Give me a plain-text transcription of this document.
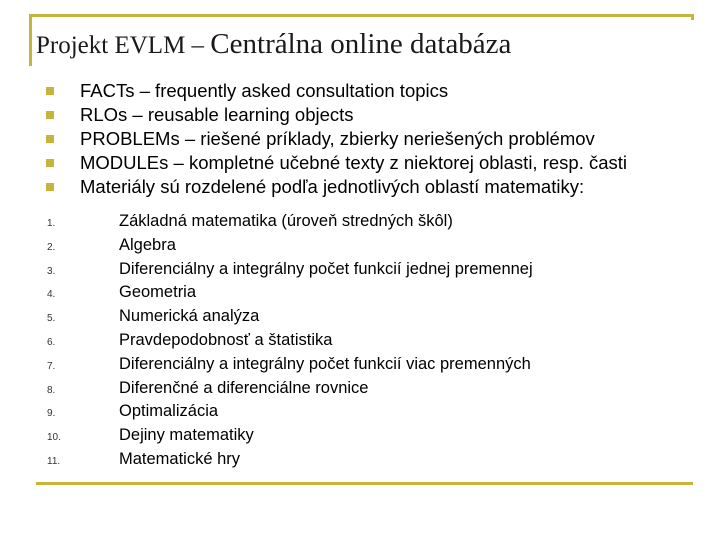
Projekt EVLM – Centrálna online databáza
FACTs – frequently asked consultation topics
RLOs – reusable learning objects
PROBLEMs – riešené príklady, zbierky neriešených problémov
MODULEs – kompletné učebné texty z niektorej oblasti, resp. časti
Materiály sú rozdelené podľa jednotlivých oblastí matematiky:
1.	Základná matematika (úroveň stredných škôl)
2.	Algebra
3.	Diferenciálny a integrálny počet funkcií jednej premennej
4.	Geometria
5.	Numerická analýza
6.	Pravdepodobnosť a štatistika
7.	Diferenciálny a integrálny počet funkcií viac premenných
8.	Diferenčné a diferenciálne rovnice
9.	Optimalizácia
10.	Dejiny matematiky
11.	Matematické hry
